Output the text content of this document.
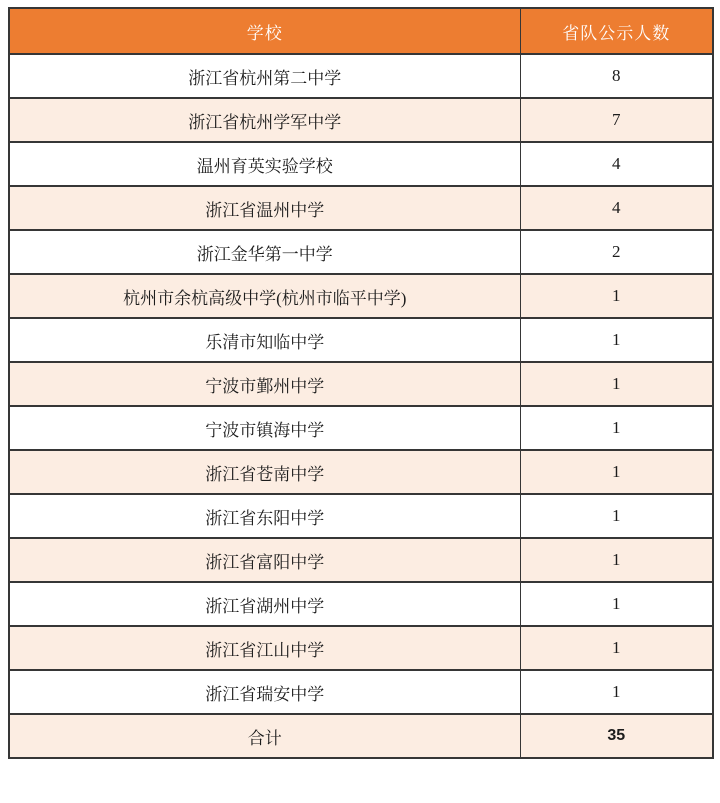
学校	省队公示人数
浙江省杭州第二中学	8
浙江省杭州学军中学	7
温州育英实验学校	4
浙江省温州中学	4
浙江金华第一中学	2
杭州市余杭高级中学(杭州市临平中学)	1
乐清市知临中学	1
宁波市鄞州中学	1
宁波市镇海中学	1
浙江省苍南中学	1
浙江省东阳中学	1
浙江省富阳中学	1
浙江省湖州中学	1
浙江省江山中学	1
浙江省瑞安中学	1
合计	35
